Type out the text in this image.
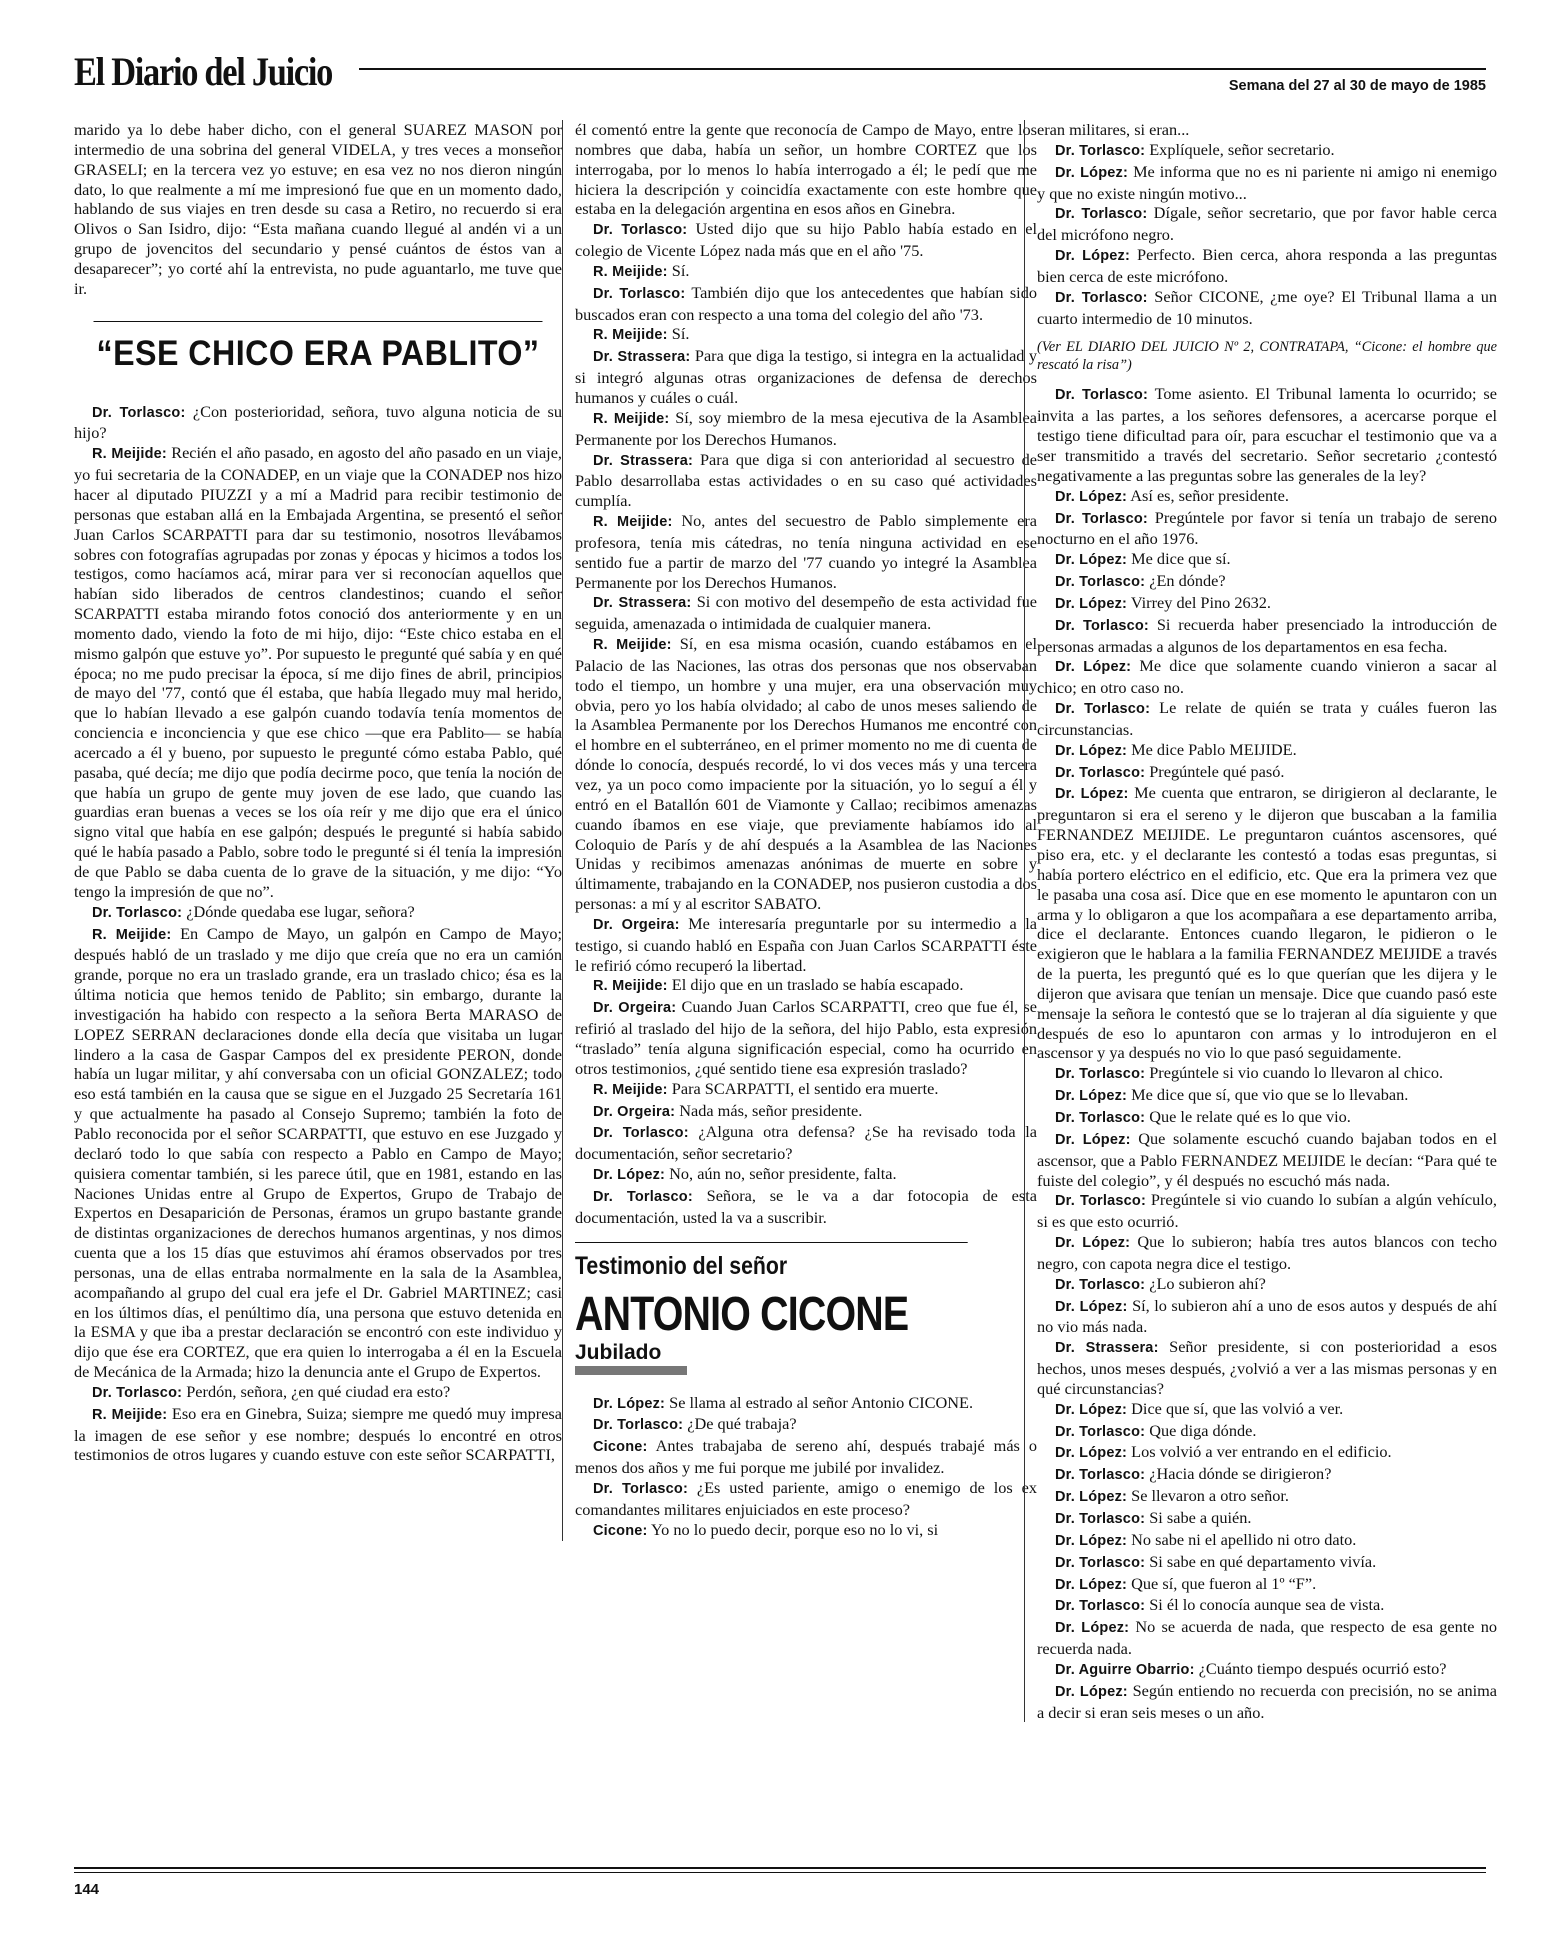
El Diario del Juicio	Semana del 27 al 30 de mayo de 1985

marido ya lo debe haber dicho, con el general SUAREZ MASON por intermedio de una sobrina del general VIDELA, y tres veces a monseñor GRASELI; en la tercera vez yo estuve; en esa vez no nos dieron ningún dato, lo que realmente a mí me impresionó fue que en un momento dado, hablando de sus viajes en tren desde su casa a Retiro, no recuerdo si era Olivos o San Isidro, dijo: “Esta mañana cuando llegué al andén vi a un grupo de jovencitos del secundario y pensé cuántos de éstos van a desaparecer”; yo corté ahí la entrevista, no pude aguantarlo, me tuve que ir.

“ESE CHICO ERA PABLITO”

Dr. Torlasco: ¿Con posterioridad, señora, tuvo alguna noticia de su hijo?

R. Meijide: Recién el año pasado, en agosto del año pasado en un viaje, yo fui secretaria de la CONADEP, en un viaje que la CONADEP nos hizo hacer al diputado PIUZZI y a mí a Madrid para recibir testimonio de personas que estaban allá en la Embajada Argentina, se presentó el señor Juan Carlos SCARPATTI para dar su testimonio, nosotros llevábamos sobres con fotografías agrupadas por zonas y épocas y hicimos a todos los testigos, como hacíamos acá, mirar para ver si reconocían aquellos que habían sido liberados de centros clandestinos; cuando el señor SCARPATTI estaba mirando fotos conoció dos anteriormente y en un momento dado, viendo la foto de mi hijo, dijo: “Este chico estaba en el mismo galpón que estuve yo”. Por supuesto le pregunté qué sabía y en qué época; no me pudo precisar la época, sí me dijo fines de abril, principios de mayo del '77, contó que él estaba, que había llegado muy mal herido, que lo habían llevado a ese galpón cuando todavía tenía momentos de conciencia e inconciencia y que ese chico —que era Pablito— se había acercado a él y bueno, por supuesto le pregunté cómo estaba Pablo, qué pasaba, qué decía; me dijo que podía decirme poco, que tenía la noción de que había un grupo de gente muy joven de ese lado, que cuando las guardias eran buenas a veces se los oía reír y me dijo que era el único signo vital que había en ese galpón; después le pregunté si había sabido qué le había pasado a Pablo, sobre todo le pregunté si él tenía la impresión de que Pablo se daba cuenta de lo grave de la situación, y me dijo: “Yo tengo la impresión de que no”.

Dr. Torlasco: ¿Dónde quedaba ese lugar, señora?

R. Meijide: En Campo de Mayo, un galpón en Campo de Mayo; después habló de un traslado y me dijo que creía que no era un camión grande, porque no era un traslado grande, era un traslado chico; ésa es la última noticia que hemos tenido de Pablito; sin embargo, durante la investigación ha habido con respecto a la señora Berta MARASO de LOPEZ SERRAN declaraciones donde ella decía que visitaba un lugar lindero a la casa de Gaspar Campos del ex presidente PERON, donde había un lugar militar, y ahí conversaba con un oficial GONZALEZ; todo eso está también en la causa que se sigue en el Juzgado 25 Secretaría 161 y que actualmente ha pasado al Consejo Supremo; también la foto de Pablo reconocida por el señor SCARPATTI, que estuvo en ese Juzgado y declaró todo lo que sabía con respecto a Pablo en Campo de Mayo; quisiera comentar también, si les parece útil, que en 1981, estando en las Naciones Unidas entre al Grupo de Expertos, Grupo de Trabajo de Expertos en Desaparición de Personas, éramos un grupo bastante grande de distintas organizaciones de derechos humanos argentinas, y nos dimos cuenta que a los 15 días que estuvimos ahí éramos observados por tres personas, una de ellas entraba normalmente en la sala de la Asamblea, acompañando al grupo del cual era jefe el Dr. Gabriel MARTINEZ; casi en los últimos días, el penúltimo día, una persona que estuvo detenida en la ESMA y que iba a prestar declaración se encontró con este individuo y dijo que ése era CORTEZ, que era quien lo interrogaba a él en la Escuela de Mecánica de la Armada; hizo la denuncia ante el Grupo de Expertos.

Dr. Torlasco: Perdón, señora, ¿en qué ciudad era esto?

R. Meijide: Eso era en Ginebra, Suiza; siempre me quedó muy impresa la imagen de ese señor y ese nombre; después lo encontré en otros testimonios de otros lugares y cuando estuve con este señor SCARPATTI,

él comentó entre la gente que reconocía de Campo de Mayo, entre los nombres que daba, había un señor, un hombre CORTEZ que los interrogaba, por lo menos lo había interrogado a él; le pedí que me hiciera la descripción y coincidía exactamente con este hombre que estaba en la delegación argentina en esos años en Ginebra.

Dr. Torlasco: Usted dijo que su hijo Pablo había estado en el colegio de Vicente López nada más que en el año '75.

R. Meijide: Sí.

Dr. Torlasco: También dijo que los antecedentes que habían sido buscados eran con respecto a una toma del colegio del año '73.

R. Meijide: Sí.

Dr. Strassera: Para que diga la testigo, si integra en la actualidad y si integró algunas otras organizaciones de defensa de derechos humanos y cuáles o cuál.

R. Meijide: Sí, soy miembro de la mesa ejecutiva de la Asamblea Permanente por los Derechos Humanos.

Dr. Strassera: Para que diga si con anterioridad al secuestro de Pablo desarrollaba estas actividades o en su caso qué actividades cumplía.

R. Meijide: No, antes del secuestro de Pablo simplemente era profesora, tenía mis cátedras, no tenía ninguna actividad en ese sentido fue a partir de marzo del '77 cuando yo integré la Asamblea Permanente por los Derechos Humanos.

Dr. Strassera: Si con motivo del desempeño de esta actividad fue seguida, amenazada o intimidada de cualquier manera.

R. Meijide: Sí, en esa misma ocasión, cuando estábamos en el Palacio de las Naciones, las otras dos personas que nos observaban todo el tiempo, un hombre y una mujer, era una observación muy obvia, pero yo los había olvidado; al cabo de unos meses saliendo de la Asamblea Permanente por los Derechos Humanos me encontré con el hombre en el subterráneo, en el primer momento no me di cuenta de dónde lo conocía, después recordé, lo vi dos veces más y una tercera vez, ya un poco como impaciente por la situación, yo lo seguí a él y entró en el Batallón 601 de Viamonte y Callao; recibimos amenazas cuando íbamos en ese viaje, que previamente habíamos ido al Coloquio de París y de ahí después a la Asamblea de las Naciones Unidas y recibimos amenazas anónimas de muerte en sobre y últimamente, trabajando en la CONADEP, nos pusieron custodia a dos personas: a mí y al escritor SABATO.

Dr. Orgeira: Me interesaría preguntarle por su intermedio a la testigo, si cuando habló en España con Juan Carlos SCARPATTI éste le refirió cómo recuperó la libertad.

R. Meijide: El dijo que en un traslado se había escapado.

Dr. Orgeira: Cuando Juan Carlos SCARPATTI, creo que fue él, se refirió al traslado del hijo de la señora, del hijo Pablo, esta expresión “traslado” tenía alguna significación especial, como ha ocurrido en otros testimonios, ¿qué sentido tiene esa expresión traslado?

R. Meijide: Para SCARPATTI, el sentido era muerte.

Dr. Orgeira: Nada más, señor presidente.

Dr. Torlasco: ¿Alguna otra defensa? ¿Se ha revisado toda la documentación, señor secretario?

Dr. López: No, aún no, señor presidente, falta.

Dr. Torlasco: Señora, se le va a dar fotocopia de esta documentación, usted la va a suscribir.

Testimonio del señor
ANTONIO CICONE
Jubilado

Dr. López: Se llama al estrado al señor Antonio CICONE.

Dr. Torlasco: ¿De qué trabaja?

Cicone: Antes trabajaba de sereno ahí, después trabajé más o menos dos años y me fui porque me jubilé por invalidez.

Dr. Torlasco: ¿Es usted pariente, amigo o enemigo de los ex comandantes militares enjuiciados en este proceso?

Cicone: Yo no lo puedo decir, porque eso no lo vi, si

eran militares, si eran...

Dr. Torlasco: Explíquele, señor secretario.

Dr. López: Me informa que no es ni pariente ni amigo ni enemigo y que no existe ningún motivo...

Dr. Torlasco: Dígale, señor secretario, que por favor hable cerca del micrófono negro.

Dr. López: Perfecto. Bien cerca, ahora responda a las preguntas bien cerca de este micrófono.

Dr. Torlasco: Señor CICONE, ¿me oye? El Tribunal llama a un cuarto intermedio de 10 minutos.

(Ver EL DIARIO DEL JUICIO Nº 2, CONTRATAPA, “Cicone: el hombre que rescató la risa”)

Dr. Torlasco: Tome asiento. El Tribunal lamenta lo ocurrido; se invita a las partes, a los señores defensores, a acercarse porque el testigo tiene dificultad para oír, para escuchar el testimonio que va a ser transmitido a través del secretario. Señor secretario ¿contestó negativamente a las preguntas sobre las generales de la ley?

Dr. López: Así es, señor presidente.

Dr. Torlasco: Pregúntele por favor si tenía un trabajo de sereno nocturno en el año 1976.

Dr. López: Me dice que sí.

Dr. Torlasco: ¿En dónde?

Dr. López: Virrey del Pino 2632.

Dr. Torlasco: Si recuerda haber presenciado la introducción de personas armadas a algunos de los departamentos en esa fecha.

Dr. López: Me dice que solamente cuando vinieron a sacar al chico; en otro caso no.

Dr. Torlasco: Le relate de quién se trata y cuáles fueron las circunstancias.

Dr. López: Me dice Pablo MEIJIDE.

Dr. Torlasco: Pregúntele qué pasó.

Dr. López: Me cuenta que entraron, se dirigieron al declarante, le preguntaron si era el sereno y le dijeron que buscaban a la familia FERNANDEZ MEIJIDE. Le preguntaron cuántos ascensores, qué piso era, etc. y el declarante les contestó a todas esas preguntas, si había portero eléctrico en el edificio, etc. Que era la primera vez que le pasaba una cosa así. Dice que en ese momento le apuntaron con un arma y lo obligaron a que los acompañara a ese departamento arriba, dice el declarante. Entonces cuando llegaron, le pidieron o le exigieron que le hablara a la familia FERNANDEZ MEIJIDE a través de la puerta, les preguntó qué es lo que querían que les dijera y le dijeron que avisara que tenían un mensaje. Dice que cuando pasó este mensaje la señora le contestó que se lo trajeran al día siguiente y que después de eso lo apuntaron con armas y lo introdujeron en el ascensor y ya después no vio lo que pasó seguidamente.

Dr. Torlasco: Pregúntele si vio cuando lo llevaron al chico.

Dr. López: Me dice que sí, que vio que se lo llevaban.

Dr. Torlasco: Que le relate qué es lo que vio.

Dr. López: Que solamente escuchó cuando bajaban todos en el ascensor, que a Pablo FERNANDEZ MEIJIDE le decían: “Para qué te fuiste del colegio”, y él después no escuchó más nada.

Dr. Torlasco: Pregúntele si vio cuando lo subían a algún vehículo, si es que esto ocurrió.

Dr. López: Que lo subieron; había tres autos blancos con techo negro, con capota negra dice el testigo.

Dr. Torlasco: ¿Lo subieron ahí?

Dr. López: Sí, lo subieron ahí a uno de esos autos y después de ahí no vio más nada.

Dr. Strassera: Señor presidente, si con posterioridad a esos hechos, unos meses después, ¿volvió a ver a las mismas personas y en qué circunstancias?

Dr. López: Dice que sí, que las volvió a ver.

Dr. Torlasco: Que diga dónde.

Dr. López: Los volvió a ver entrando en el edificio.

Dr. Torlasco: ¿Hacia dónde se dirigieron?

Dr. López: Se llevaron a otro señor.

Dr. Torlasco: Si sabe a quién.

Dr. López: No sabe ni el apellido ni otro dato.

Dr. Torlasco: Si sabe en qué departamento vivía.

Dr. López: Que sí, que fueron al 1º “F”.

Dr. Torlasco: Si él lo conocía aunque sea de vista.

Dr. López: No se acuerda de nada, que respecto de esa gente no recuerda nada.

Dr. Aguirre Obarrio: ¿Cuánto tiempo después ocurrió esto?

Dr. López: Según entiendo no recuerda con precisión, no se anima a decir si eran seis meses o un año.

144
